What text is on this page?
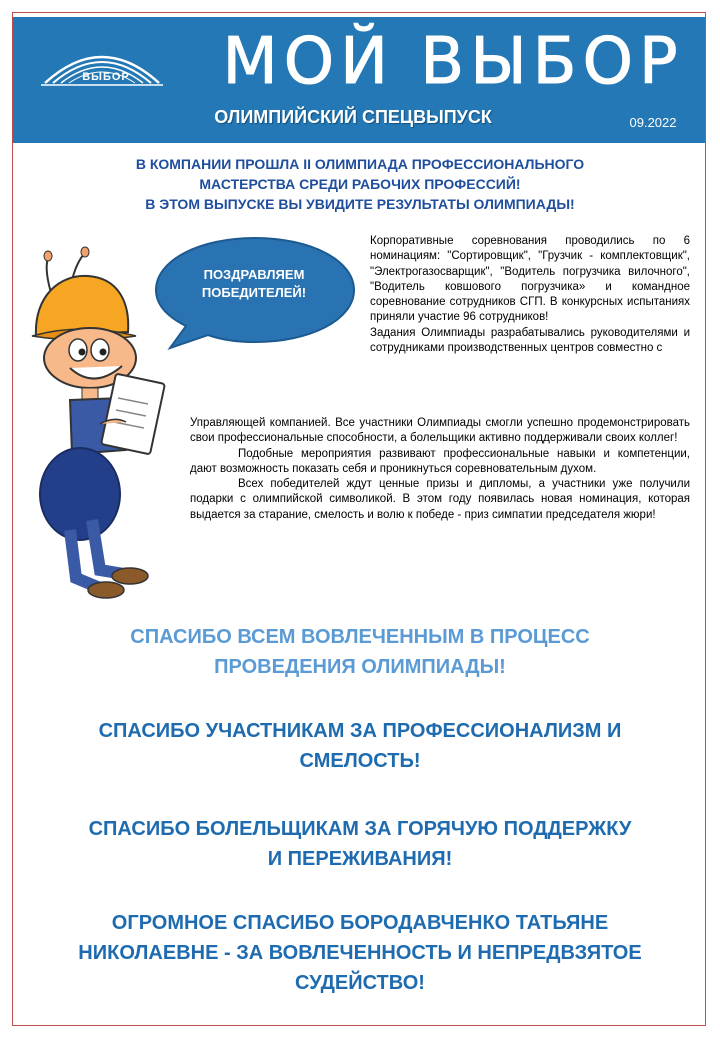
ВЫБОР МОЙ ВЫБОР
ОЛИМПИЙСКИЙ СПЕЦВЫПУСК	09.2022
В КОМПАНИИ ПРОШЛА II ОЛИМПИАДА ПРОФЕССИОНАЛЬНОГО
МАСТЕРСТВА СРЕДИ РАБОЧИХ ПРОФЕССИЙ!
В ЭТОМ ВЫПУСКЕ ВЫ УВИДИТЕ РЕЗУЛЬТАТЫ ОЛИМПИАДЫ!
ПОЗДРАВЛЯЕМ
ПОБЕДИТЕЛЕЙ!

Корпоративные соревнования проводились по 6 номинациям: "Сортировщик", "Грузчик - комплектовщик", "Электрогазосварщик", "Водитель погрузчика вилочного", "Водитель ковшового погрузчика» и командное соревнование сотрудников СГП. В конкурсных испытаниях приняли участие 96 сотрудников!

Задания Олимпиады разрабатывались руководителями и сотрудниками производственных центров совместно с

Управляющей компанией. Все участники Олимпиады смогли успешно продемонстрировать свои профессиональные способности, а болельщики активно поддерживали своих коллег!

Подобные мероприятия развивают профессиональные навыки и компетенции, дают возможность показать себя и проникнуться соревновательным духом.

Всех победителей ждут ценные призы и дипломы, а участники уже получили подарки с олимпийской символикой. В этом году появилась новая номинация, которая выдается за старание, смелость и волю к победе - приз симпатии председателя жюри!

СПАСИБО ВСЕМ ВОВЛЕЧЕННЫМ В ПРОЦЕСС
ПРОВЕДЕНИЯ ОЛИМПИАДЫ!
СПАСИБО УЧАСТНИКАМ ЗА ПРОФЕССИОНАЛИЗМ И
СМЕЛОСТЬ!
СПАСИБО БОЛЕЛЬЩИКАМ ЗА ГОРЯЧУЮ ПОДДЕРЖКУ
И ПЕРЕЖИВАНИЯ!
ОГРОМНОЕ СПАСИБО БОРОДАВЧЕНКО ТАТЬЯНЕ
НИКОЛАЕВНЕ - ЗА ВОВЛЕЧЕННОСТЬ И НЕПРЕДВЗЯТОЕ
СУДЕЙСТВО!
